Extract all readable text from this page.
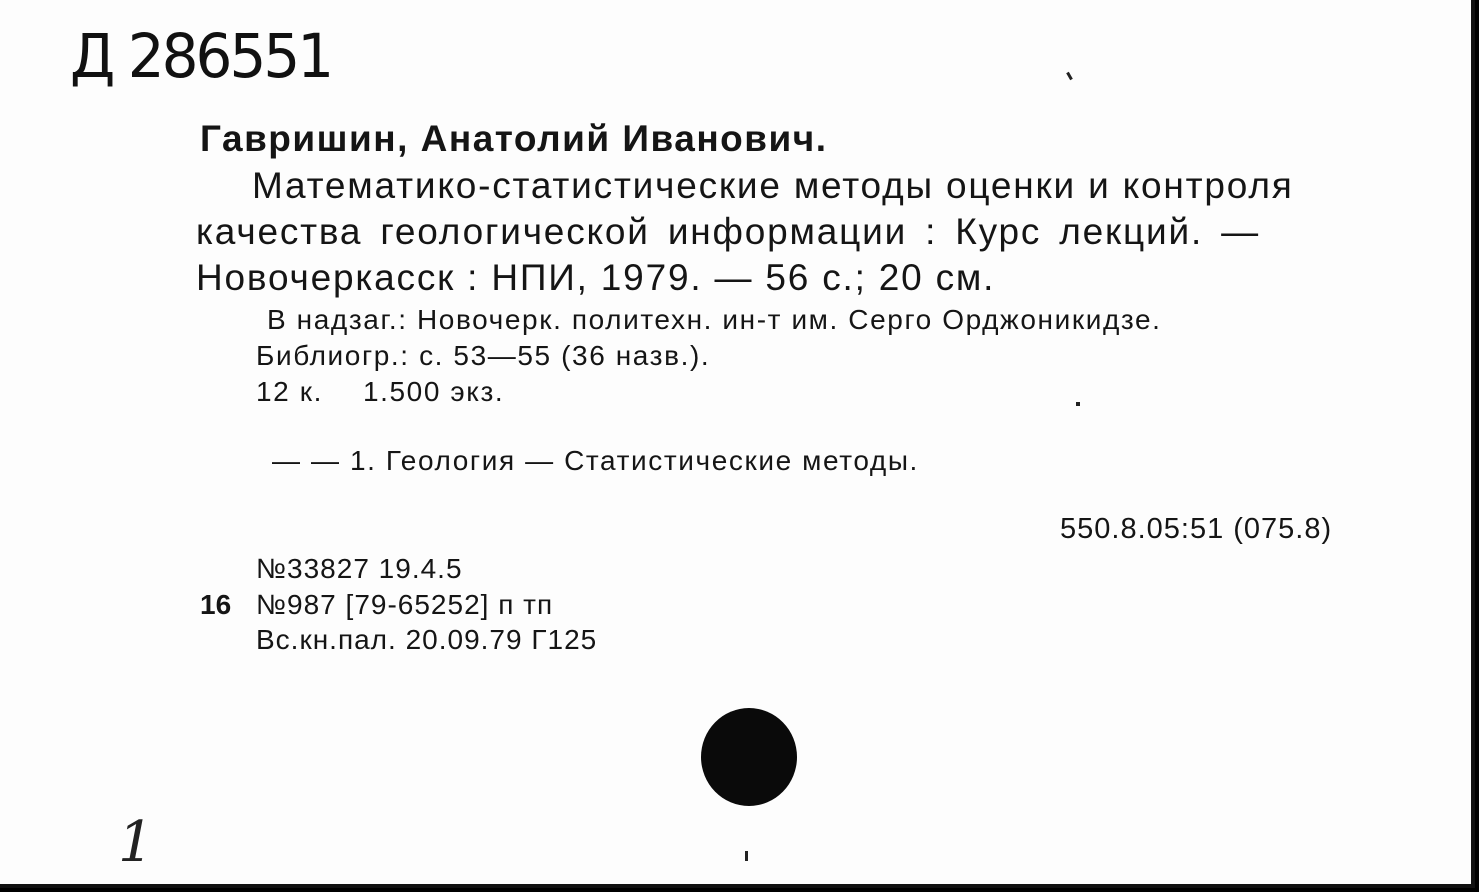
Д 286551
Гавришин, Анатолий Иванович.
Математико-статистические методы оценки и контроля
качества геологической информации : Курс лекций. —
Новочеркасск : НПИ, 1979. — 56 с.; 20 см.
В надзаг.: Новочерк. политехн. ин-т им. Серго Орджоникидзе.
Библиогр.: с. 53—55 (36 назв.).
12 к. 1.500 экз.
— — 1. Геология — Статистические методы.
550.8.05:51 (075.8)
№33827 19.4.5
16 №987 [79-65252] п тп
Вс.кн.пал. 20.09.79 Г125
1
